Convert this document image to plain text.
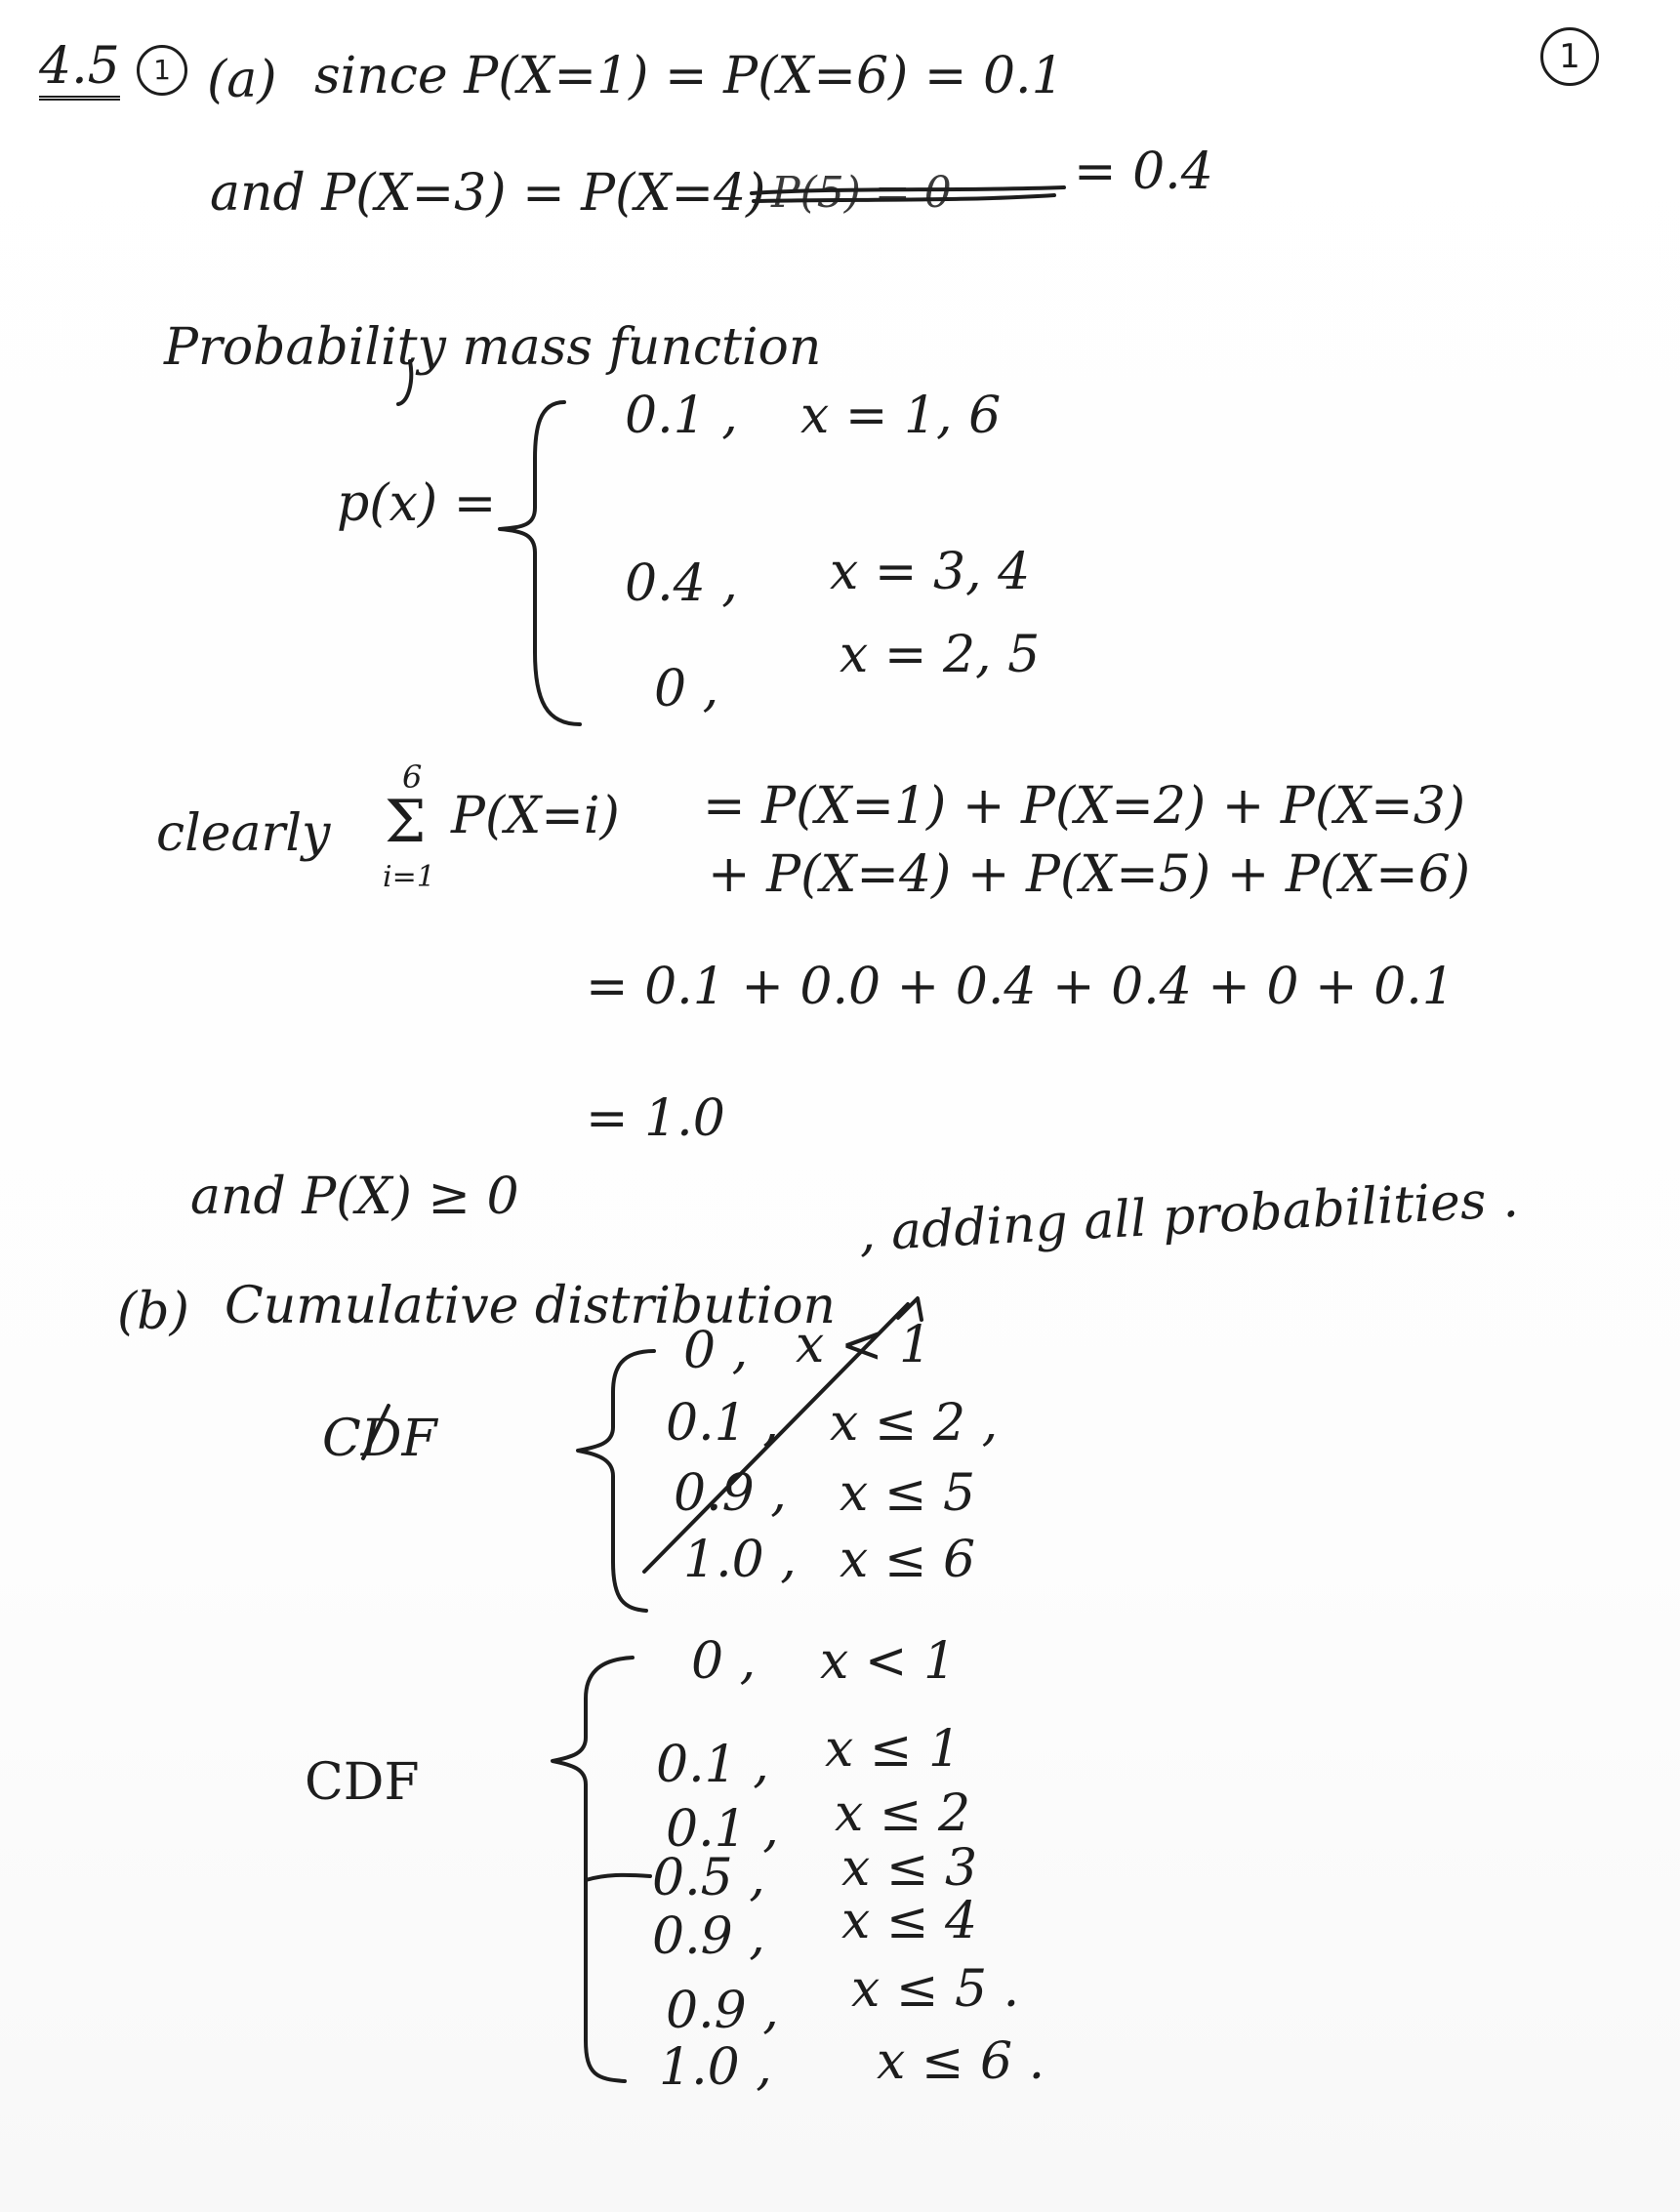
1
4.5	1 (a) since P(X=1) = P(X=6) = 0.1
and P(X=3) = P(X=4) P(5) = 0 = 0.4
Probability mass function
p(x) =
0.1 , x = 1, 6
0.4 , x = 3, 4
0 ,
x = 2, 5
clearly
6
Σ
i=1
P(X=i) = P(X=1) + P(X=2) + P(X=3)
+ P(X=4) + P(X=5) + P(X=6)
= 0.1 + 0.0 + 0.4 + 0.4 + 0 + 0.1
= 1.0
and P(X) ≥ 0	, adding all probabilities .
(b) Cumulative distribution
CDF
0 , x < 1
0.1 , x ≤ 2 ,
0.9 , x ≤ 5
1.0 , x ≤ 6
CDF
0 , x < 1
0.1 , x ≤ 1
0.1 , x ≤ 2
0.5 , x ≤ 3
0.9 , x ≤ 4
0.9 , x ≤ 5 .
1.0 , x ≤ 6 .
